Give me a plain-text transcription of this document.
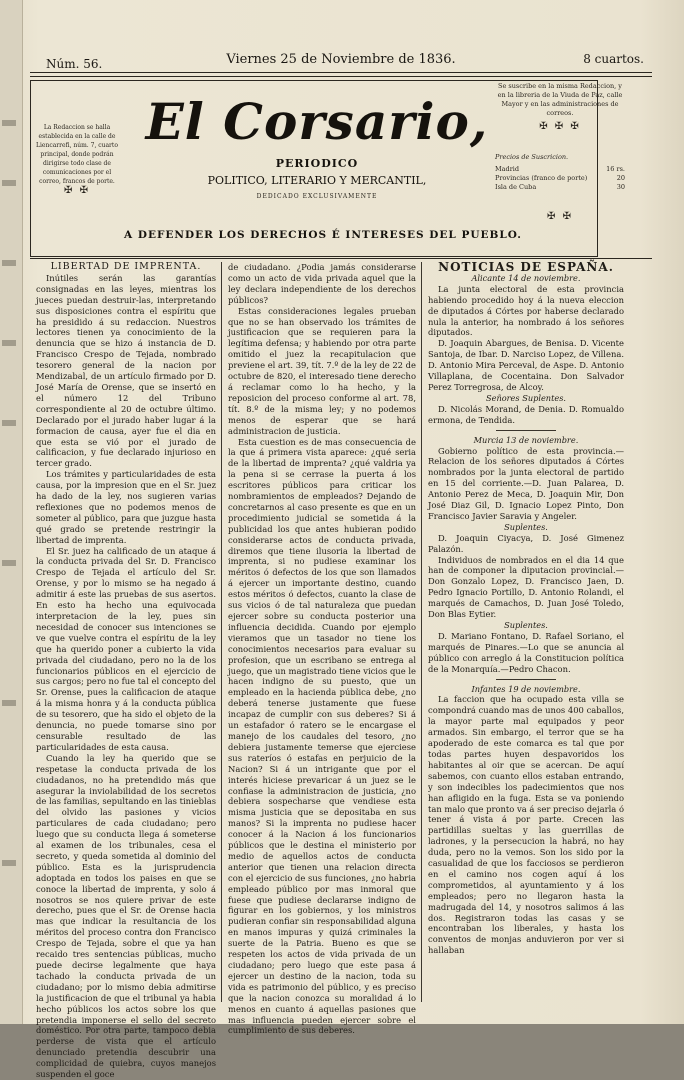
Núm. 56.	Viernes 25 de Noviembre de 1836.	8 cuartos.
La Redaccion se halla establecida en la calle de Liencarrefi, núm. 7, cuarto principal, donde podrán dirigirse todo clase de comunicaciones por el correo, francos de porte.
✠ ✠
El Corsario,
PERIODICO
POLITICO, LITERARIO Y MERCANTIL,
DEDICADO EXCLUSIVAMENTE
A DEFENDER LOS DERECHOS É INTERESES DEL PUEBLO.
Se suscribe en la misma Redaccion, y en la libreria de la Viuda de Paz, calle Mayor y en las administraciones de correos.
✠ ✠ ✠
Precios de Suscricion.
Madrid	16 rs.
Provincias (franco de porte)	20
Isla de Cuba	30
✠ ✠

LIBERTAD DE IMPRENTA.

Inútiles serán las garantías consignadas en las leyes, mientras los jueces puedan destruir-las, interpretando sus disposiciones contra el espíritu que ha presidido á su redaccion. Nuestros lectores tienen ya conocimiento de la denuncia que se hizo á instancia de D. Francisco Crespo de Tejada, nombrado tesorero general de la nacion por Mendizabal, de un artículo firmado por D. José María de Orense, que se insertó en el número 12 del Tribuno correspondiente al 20 de octubre último. Declarado por el jurado haber lugar á la formacion de causa, ayer fue el dia en que esta se vió por el jurado de calificacion, y fue declarado injurioso en tercer grado.

Los trámites y particularidades de esta causa, por la impresion que en el Sr. juez ha dado de la ley, nos sugieren varias reflexiones que no podemos menos de someter al público, para que juzgue hasta qué grado se pretende restringir la libertad de imprenta.

El Sr. juez ha calificado de un ataque á la conducta privada del Sr. D. Francisco Crespo de Tejada el artículo del Sr. Orense, y por lo mismo se ha negado á admitir á este las pruebas de sus asertos. En esto ha hecho una equivocada interpretacion de la ley, pues sin necesidad de conocer sus intenciones se ve que vuelve contra el espíritu de la ley que ha querido poner a cubierto la vida privada del ciudadano, pero no la de los funcionarios públicos en el ejercicio de sus cargos; pero no fue tal el concepto del Sr. Orense, pues la calificacion de ataque á la misma honra y á la conducta pública de su tesorero, que ha sido el objeto de la denuncia, no puede tomarse sino por censurable resultado de las particularidades de esta causa.

Cuando la ley ha querido que se respetase la conducta privada de los ciudadanos, no ha pretendido más que asegurar la inviolabilidad de los secretos de las familias, sepultando en las tinieblas del olvido las pasiones y vicios particulares de cada ciudadano; pero luego que su conducta llega á someterse al examen de los tribunales, cesa el secreto, y queda sometida al dominio del público. Esta es la jurisprudencia adoptada en todos los paises en que se conoce la libertad de imprenta, y solo á nosotros se nos quiere privar de este derecho, pues que el Sr. de Orense hacia mas que indicar la resultancia de los méritos del proceso contra don Francisco Crespo de Tejada, sobre el que ya han recaido tres sentencias públicas, mucho puede decirse legalmente que haya tachado la conducta privada de un ciudadano; por lo mismo debia admitirse la justificacion de que el tribunal ya habia hecho públicos los actos sobre los que pretendia imponerse el sello del secreto doméstico. Por otra parte, tampoco debia perderse de vista que el artículo denunciado pretendia descubrir una complicidad de quiebra, cuyos manejos suspenden el goce

de ciudadano. ¿Podia jamás considerarse como un acto de vida privada aquel que la ley declara independiente de los derechos públicos?

Estas consideraciones legales prueban que no se han observado los trámites de justificacion que se requieren para la legítima defensa; y habiendo por otra parte omitido el juez la recapitulacion que previene el art. 39, tít. 7.º de la ley de 22 de octubre de 820, el interesado tiene derecho á reclamar como lo ha hecho, y la reposicion del proceso conforme al art. 78, tít. 8.º de la misma ley; y no podemos menos de esperar que se hará administracion de justicia.

Esta cuestion es de mas consecuencia de la que á primera vista aparece: ¿qué seria de la libertad de imprenta? ¿qué valdria ya la pena si se cerrase la puerta á los escritores públicos para criticar los nombramientos de empleados? Dejando de concretarnos al caso presente es que en un procedimiento judicial se sometida á la publicidad los que antes hubieran podido considerarse actos de conducta privada, diremos que tiene ilusoria la libertad de imprenta, si no pudiese examinar los méritos ó defectos de los que son llamados á ejercer un importante destino, cuando estos méritos ó defectos, cuanto la clase de sus vicios ó de tal naturaleza que puedan ejercer sobre su conducta posterior una influencia decidida. Cuando por ejemplo vieramos que un tasador no tiene los conocimientos necesarios para evaluar su profesion, que un escribano se entrega al juego, que un magistrado tiene vicios que le hacen indigno de su puesto, que un empleado en la hacienda pública debe, ¿no deberá tenerse justamente que fuese incapaz de cumplir con sus deberes? Si á un estafador ó ratero se le encargase el manejo de los caudales del tesoro, ¿no debiera justamente temerse que ejerciese sus rateríos ó estafas en perjuicio de la Nacion? Si á un intrigante que por el interés hiciese prevaricar á un juez se le confiase la administracion de justicia, ¿no debiera sospecharse que vendiese esta misma justicia que se depositaba en sus manos? Si la imprenta no pudiese hacer conocer á la Nacion á los funcionarios públicos que le destina el ministerio por medio de aquellos actos de conducta anterior que tienen una relacion directa con el ejercicio de sus funciones, ¿no habria empleado público por mas inmoral que fuese que pudiese declararse indigno de figurar en los gobiernos, y los ministros pudieran confiar sin responsabilidad alguna en manos impuras y quizá criminales la suerte de la Patria. Bueno es que se respeten los actos de vida privada de un ciudadano; pero luego que este pasa á ejercer un destino de la nacion, toda su vida es patrimonio del público, y es preciso que la nacion conozca su moralidad á lo menos en cuanto á aquellas pasiones que mas influencia pueden ejercer sobre el cumplimiento de sus deberes.

NOTICIAS DE ESPAÑA.

Alicante 14 de noviembre.

La junta electoral de esta provincia habiendo procedido hoy á la nueva eleccion de diputados á Córtes por haberse declarado nula la anterior, ha nombrado á los señores diputados.

D. Joaquin Abargues, de Benisa. D. Vicente Santoja, de Ibar. D. Narciso Lopez, de Villena. D. Antonio Mira Perceval, de Aspe. D. Antonio Villaplana, de Cocentaina. Don Salvador Perez Torregrosa, de Alcoy.

Señores Suplentes.

D. Nicolás Morand, de Denia. D. Romualdo ermona, de Tendida.

Murcia 13 de noviembre.

Gobierno político de esta provincia.—Relacion de los señores diputados á Córtes nombrados por la junta electoral de partido en 15 del corriente.—D. Juan Palarea, D. Antonio Perez de Meca, D. Joaquin Mir, Don José Diaz Gil, D. Ignacio Lopez Pinto, Don Francisco Javier Saravia y Angeler.

Suplentes.

D. Joaquin Ciyacya, D. José Gimenez Palazón.

Individuos de nombrados en el dia 14 que han de componer la diputacion provincial.—Don Gonzalo Lopez, D. Francisco Jaen, D. Pedro Ignacio Portillo, D. Antonio Rolandi, el marqués de Camachos, D. Juan José Toledo, Don Blas Eytier.

Suplentes.

D. Mariano Fontano, D. Rafael Soriano, el marqués de Pinares.—Lo que se anuncia al público con arreglo á la Constitucion política de la Monarquía.—Pedro Chacon.

Infantes 19 de noviembre.

La faccion que ha ocupado esta villa se compondrá cuando mas de unos 400 caballos, la mayor parte mal equipados y peor armados. Sin embargo, el terror que se ha apoderado de este comarca es tal que por todas partes huyen despavoridos los habitantes al oir que se acercan. De aquí sabemos, con cuanto ellos estaban entrando, y son indecibles los padecimientos que nos han afligido en la fuga. Esta se va poniendo tan malo que pronto va á ser preciso dejarla ó tener á vista á por parte. Crecen las partidillas sueltas y las guerrillas de ladrones, y la persecucion la habrá, no hay duda, pero no la vemos. Son los sido por la casualidad de que los facciosos se perdieron en el camino nos cogen aquí á los comprometidos, al ayuntamiento y á los empleados; pero no llegaron hasta la madrugada del 14, y nosotros salimos á las dos. Registraron todas las casas y se encontraban los liberales, y hasta los conventos de monjas anduvieron por ver si hallaban
